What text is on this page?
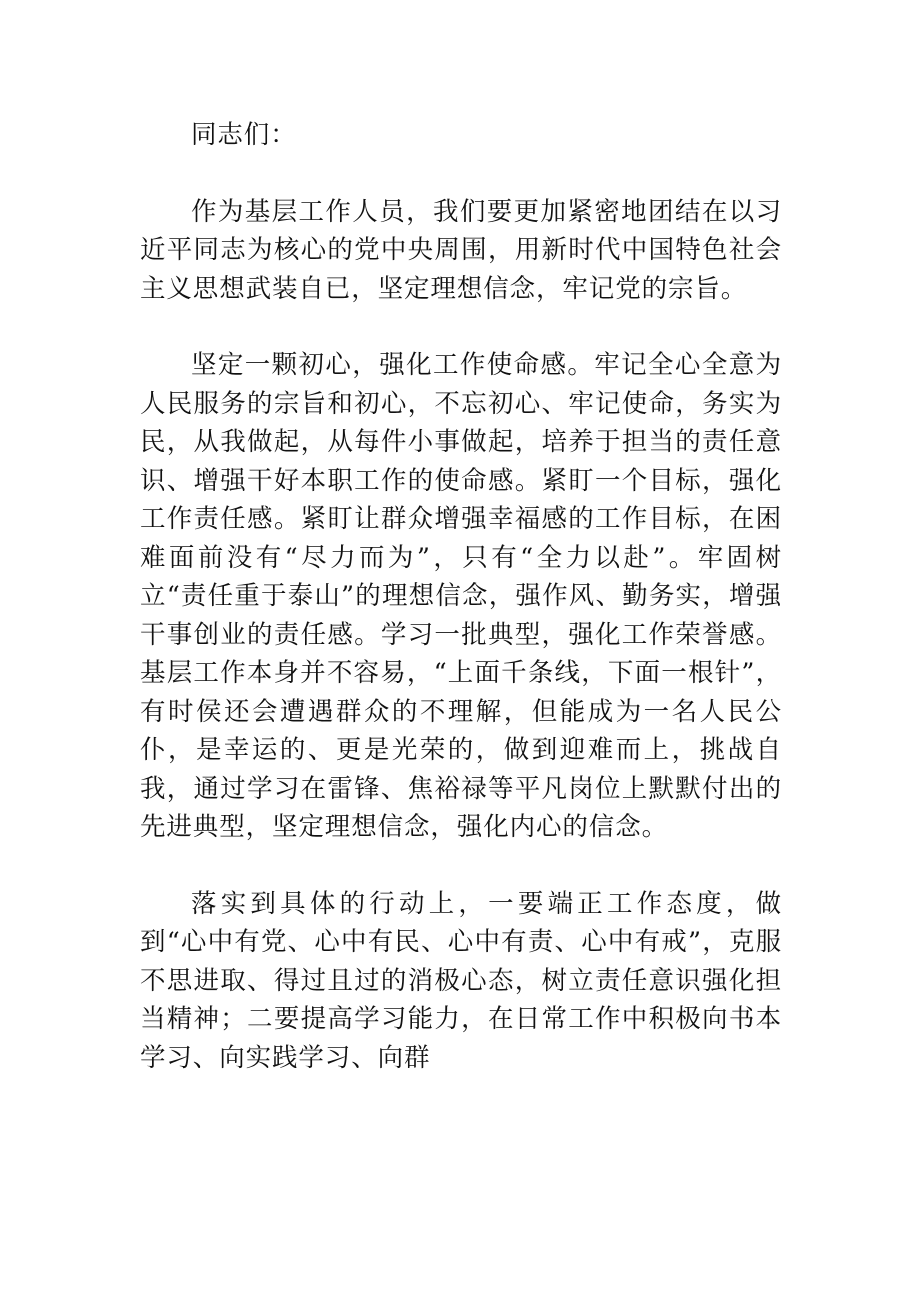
同志们：

作为基层工作人员，我们要更加紧密地团结在以习近平同志为核心的党中央周围，用新时代中国特色社会主义思想武装自已，坚定理想信念，牢记党的宗旨。

坚定一颗初心，强化工作使命感。牢记全心全意为人民服务的宗旨和初心，不忘初心、牢记使命，务实为民，从我做起，从每件小事做起，培养于担当的责任意识、增强干好本职工作的使命感。紧盯一个目标，强化工作责任感。紧盯让群众增强幸福感的工作目标，在困难面前没有“尽力而为”，只有“全力以赴”。牢固树立“责任重于泰山”的理想信念，强作风、勤务实，增强干事创业的责任感。学习一批典型，强化工作荣誉感。基层工作本身并不容易，“上面千条线，下面一根针”，有时侯还会遭遇群众的不理解，但能成为一名人民公仆，是幸运的、更是光荣的，做到迎难而上，挑战自我，通过学习在雷锋、焦裕禄等平凡岗位上默默付出的先进典型，坚定理想信念，强化内心的信念。

落实到具体的行动上，一要端正工作态度，做到“心中有党、心中有民、心中有责、心中有戒”，克服不思进取、得过且过的消极心态，树立责任意识强化担当精神；二要提高学习能力，在日常工作中积极向书本学习、向实践学习、向群
